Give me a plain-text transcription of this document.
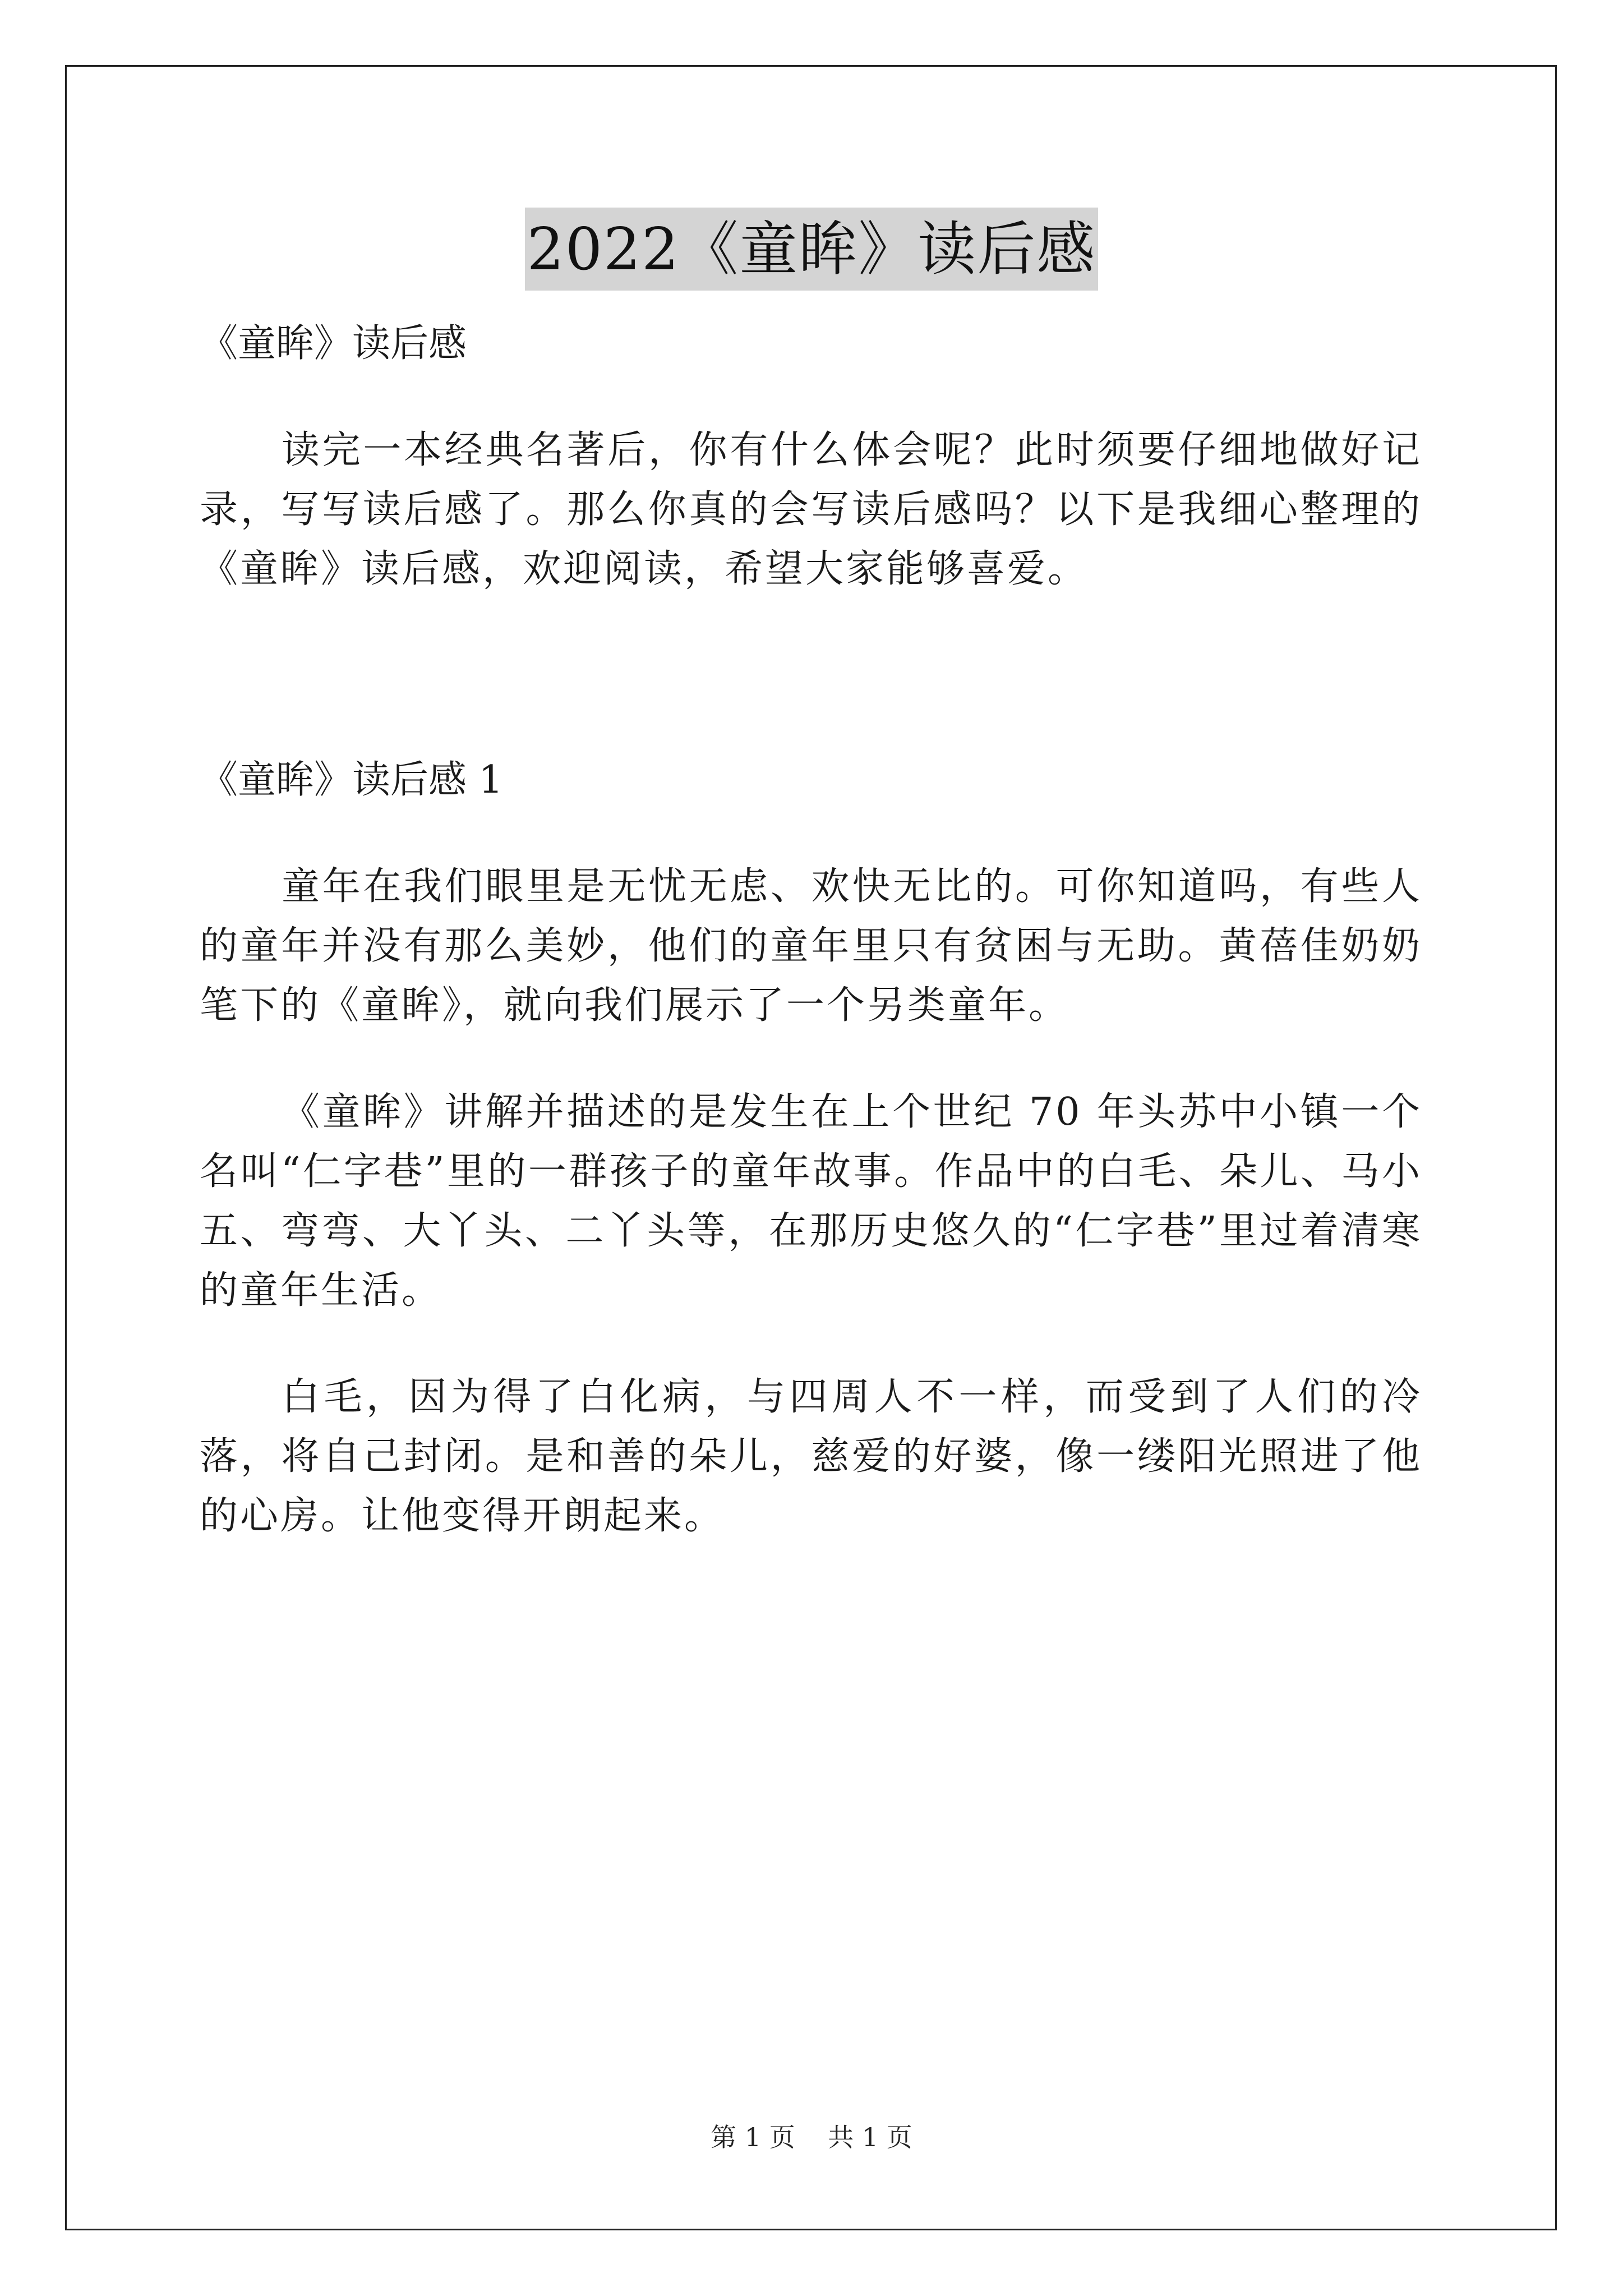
2022《童眸》读后感

《童眸》读后感

读完一本经典名著后，你有什么体会呢？此时须要仔细地做好记录，写写读后感了。那么你真的会写读后感吗？以下是我细心整理的《童眸》读后感，欢迎阅读，希望大家能够喜爱。

《童眸》读后感 1

童年在我们眼里是无忧无虑、欢快无比的。可你知道吗，有些人的童年并没有那么美妙，他们的童年里只有贫困与无助。黄蓓佳奶奶笔下的《童眸》，就向我们展示了一个另类童年。

《童眸》讲解并描述的是发生在上个世纪 70 年头苏中小镇一个名叫“仁字巷”里的一群孩子的童年故事。作品中的白毛、朵儿、马小五、弯弯、大丫头、二丫头等，在那历史悠久的“仁字巷”里过着清寒的童年生活。

白毛，因为得了白化病，与四周人不一样，而受到了人们的冷落，将自己封闭。是和善的朵儿，慈爱的好婆，像一缕阳光照进了他的心房。让他变得开朗起来。

第 1 页    共 1 页
